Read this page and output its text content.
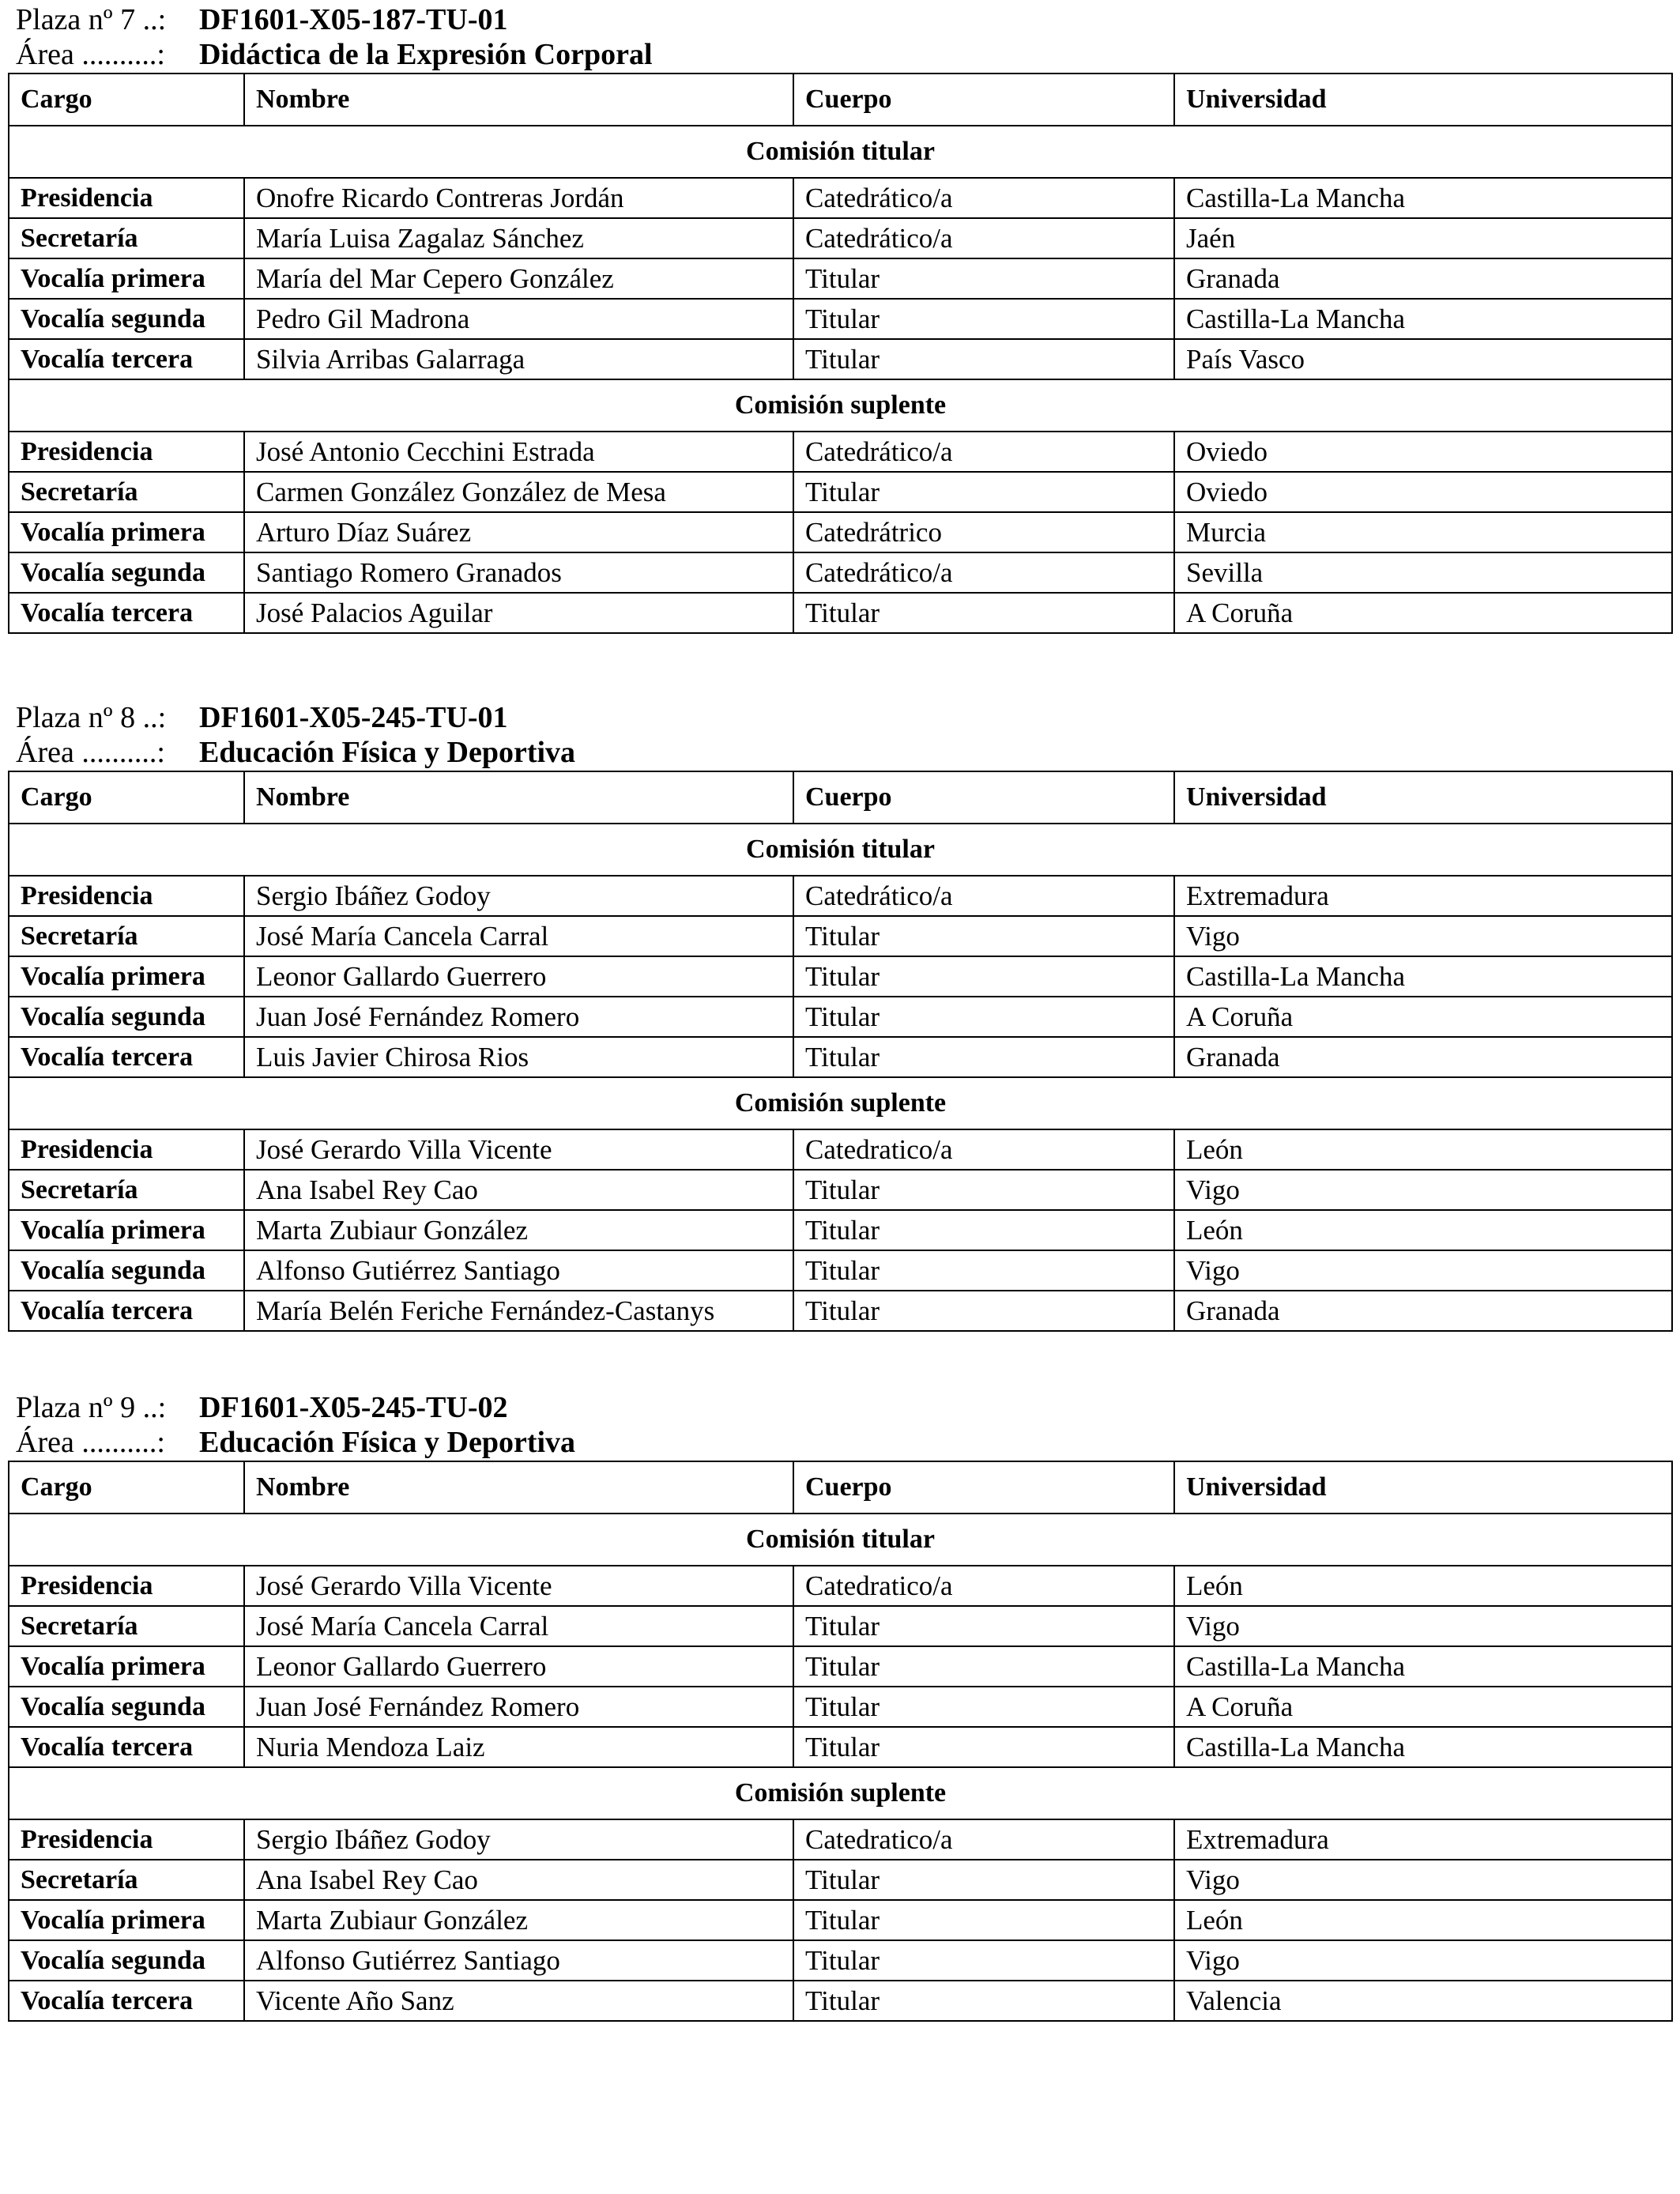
Plaza nº 7 ..: DF1601-X05-187-TU-01
Área ..........: Didáctica de la Expresión Corporal
Cargo	Nombre	Cuerpo	Universidad
Comisión titular			
Presidencia	Onofre Ricardo Contreras Jordán	Catedrático/a	Castilla-La Mancha
Secretaría	María Luisa Zagalaz Sánchez	Catedrático/a	Jaén
Vocalía primera	María del Mar Cepero González	Titular	Granada
Vocalía segunda	Pedro Gil Madrona	Titular	Castilla-La Mancha
Vocalía tercera	Silvia Arribas Galarraga	Titular	País Vasco
Comisión suplente			
Presidencia	José Antonio Cecchini Estrada	Catedrático/a	Oviedo
Secretaría	Carmen González González de Mesa	Titular	Oviedo
Vocalía primera	Arturo Díaz Suárez	Catedrátrico	Murcia
Vocalía segunda	Santiago Romero Granados	Catedrático/a	Sevilla
Vocalía tercera	José Palacios Aguilar	Titular	A Coruña
Plaza nº 8 ..: DF1601-X05-245-TU-01
Área ..........: Educación Física y Deportiva
Cargo	Nombre	Cuerpo	Universidad
Comisión titular			
Presidencia	Sergio Ibáñez Godoy	Catedrático/a	Extremadura
Secretaría	José María Cancela Carral	Titular	Vigo
Vocalía primera	Leonor Gallardo Guerrero	Titular	Castilla-La Mancha
Vocalía segunda	Juan José Fernández Romero	Titular	A Coruña
Vocalía tercera	Luis Javier Chirosa Rios	Titular	Granada
Comisión suplente			
Presidencia	José Gerardo Villa Vicente	Catedratico/a	León
Secretaría	Ana Isabel Rey Cao	Titular	Vigo
Vocalía primera	Marta Zubiaur González	Titular	León
Vocalía segunda	Alfonso Gutiérrez Santiago	Titular	Vigo
Vocalía tercera	María Belén Feriche Fernández-Castanys	Titular	Granada
Plaza nº 9 ..: DF1601-X05-245-TU-02
Área ..........: Educación Física y Deportiva
Cargo	Nombre	Cuerpo	Universidad
Comisión titular			
Presidencia	José Gerardo Villa Vicente	Catedratico/a	León
Secretaría	José María Cancela Carral	Titular	Vigo
Vocalía primera	Leonor Gallardo Guerrero	Titular	Castilla-La Mancha
Vocalía segunda	Juan José Fernández Romero	Titular	A Coruña
Vocalía tercera	Nuria Mendoza Laiz	Titular	Castilla-La Mancha
Comisión suplente			
Presidencia	Sergio Ibáñez Godoy	Catedratico/a	Extremadura
Secretaría	Ana Isabel Rey Cao	Titular	Vigo
Vocalía primera	Marta Zubiaur González	Titular	León
Vocalía segunda	Alfonso Gutiérrez Santiago	Titular	Vigo
Vocalía tercera	Vicente Año Sanz	Titular	Valencia
